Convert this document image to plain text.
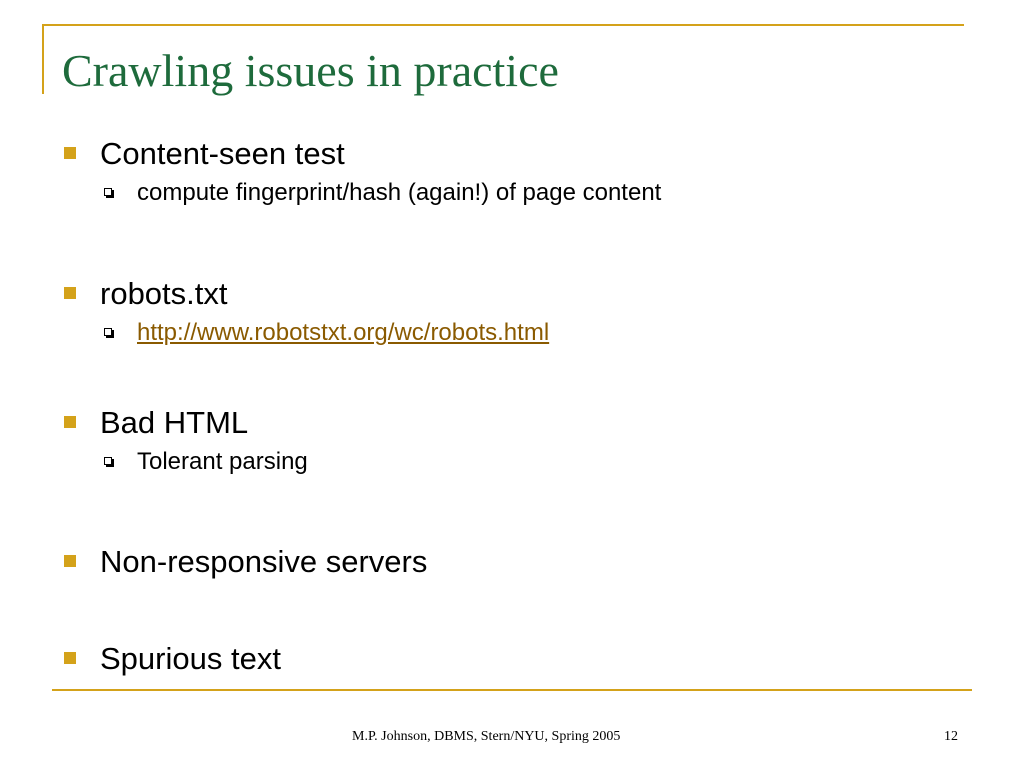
Crawling issues in practice
Content-seen test
compute fingerprint/hash (again!) of page content
robots.txt
http://www.robotstxt.org/wc/robots.html
Bad HTML
Tolerant parsing
Non-responsive servers
Spurious text
M.P. Johnson, DBMS, Stern/NYU, Spring 2005	12
